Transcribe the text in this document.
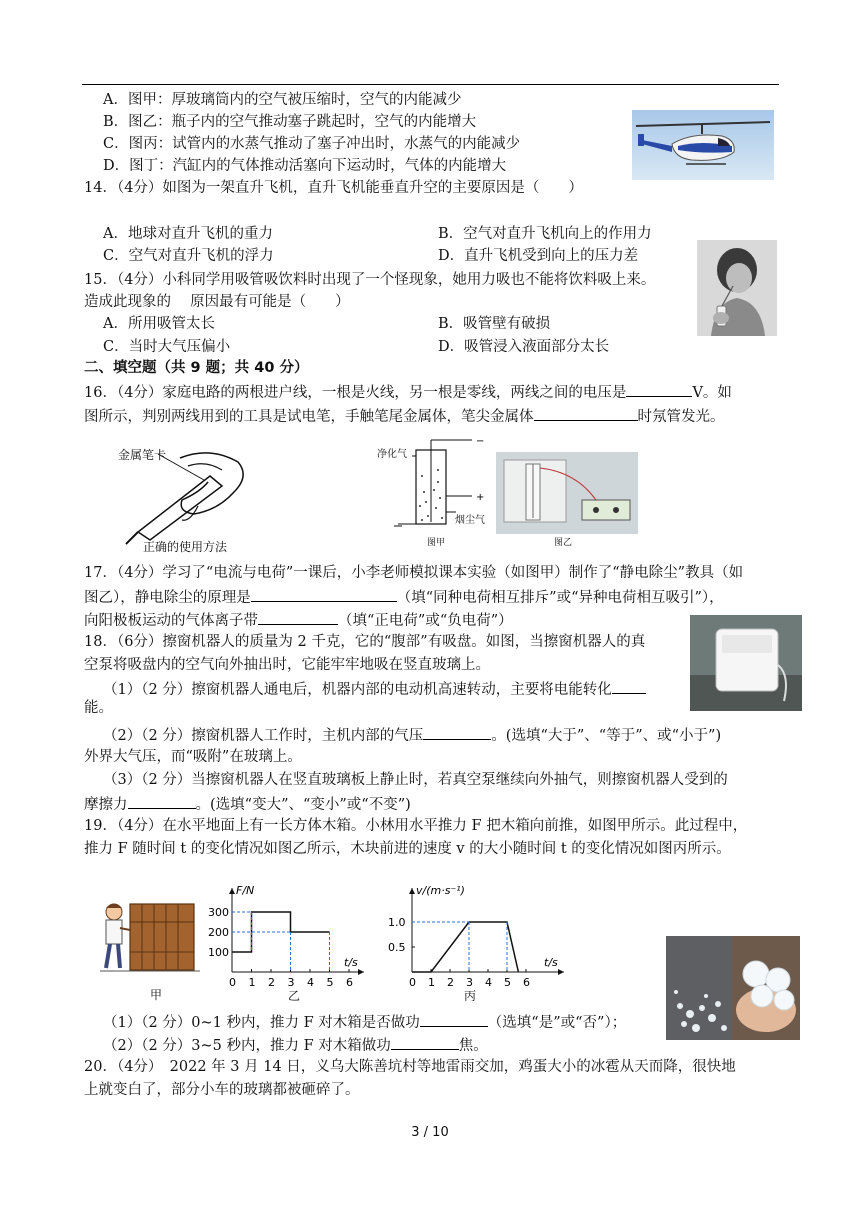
A．图甲：厚玻璃筒内的空气被压缩时，空气的内能减少
B．图乙：瓶子内的空气推动塞子跳起时，空气的内能增大
C．图丙：试管内的水蒸气推动了塞子冲出时，水蒸气的内能减少
D．图丁：汽缸内的气体推动活塞向下运动时，气体的内能增大
14．（4分）如图为一架直升飞机，直升飞机能垂直升空的主要原因是（　　）
A．地球对直升飞机的重力	B．空气对直升飞机向上的作用力
C．空气对直升飞机的浮力	D．直升飞机受到向上的压力差
15．（4分）小科同学用吸管吸饮料时出现了一个怪现象，她用力吸也不能将饮料吸上来。
造成此现象的　 原因最有可能是（　　）
A．所用吸管太长	B．吸管壁有破损
C．当时大气压偏小	D．吸管浸入液面部分太长
二、填空题（共 9 题；共 40 分）
16．（4分）家庭电路的两根进户线，一根是火线，另一根是零线，两线之间的电压是	V。如
图所示，判别两线用到的工具是试电笔，手触笔尾金属体，笔尖金属体	时氖管发光。
金属笔卡
正确的使用方法
−
+
净化气
烟尘气
图甲	图乙
17．（4分）学习了“电流与电荷”一课后，小李老师模拟课本实验（如图甲）制作了“静电除尘”教具（如
图乙），静电除尘的原理是	（填“同种电荷相互排斥”或“异种电荷相互吸引”），
向阳极板运动的气体离子带	（填“正电荷”或“负电荷”）
18．（6分）擦窗机器人的质量为 2 千克，它的“腹部”有吸盘。如图，当擦窗机器人的真
空泵将吸盘内的空气向外抽出时，它能牢牢地吸在竖直玻璃上。
（1）（2 分）擦窗机器人通电后，机器内部的电动机高速转动，主要将电能转化
能。
（2）（2 分）擦窗机器人工作时，主机内部的气压	。(选填“大于”、“等于”、或“小于”)
外界大气压，而“吸附”在玻璃上。
（3）（2 分）当擦窗机器人在竖直玻璃板上静止时，若真空泵继续向外抽气，则擦窗机器人受到的
摩擦力	。(选填“变大”、“变小”或“不变”)
19．（4分）在水平地面上有一长方体木箱。小林用水平推力 F 把木箱向前推，如图甲所示。此过程中，
推力 F 随时间 t 的变化情况如图乙所示，木块前进的速度 v 的大小随时间 t 的变化情况如图丙所示。
甲
F/N
t/s
0 1 2 3 4 5 6
100
200
300
乙
v/(m·s⁻¹)
t/s
0 1 2 3 4 5 6
0.5
1.0
丙
（1）（2 分）0~1 秒内，推力 F 对木箱是否做功	（选填“是”或“否”）；
（2）（2 分）3~5 秒内，推力 F 对木箱做功	焦。
20．（4分）　2022 年 3 月 14 日，义乌大陈善坑村等地雷雨交加，鸡蛋大小的冰雹从天而降，很快地
上就变白了，部分小车的玻璃都被砸碎了。
3 / 10
